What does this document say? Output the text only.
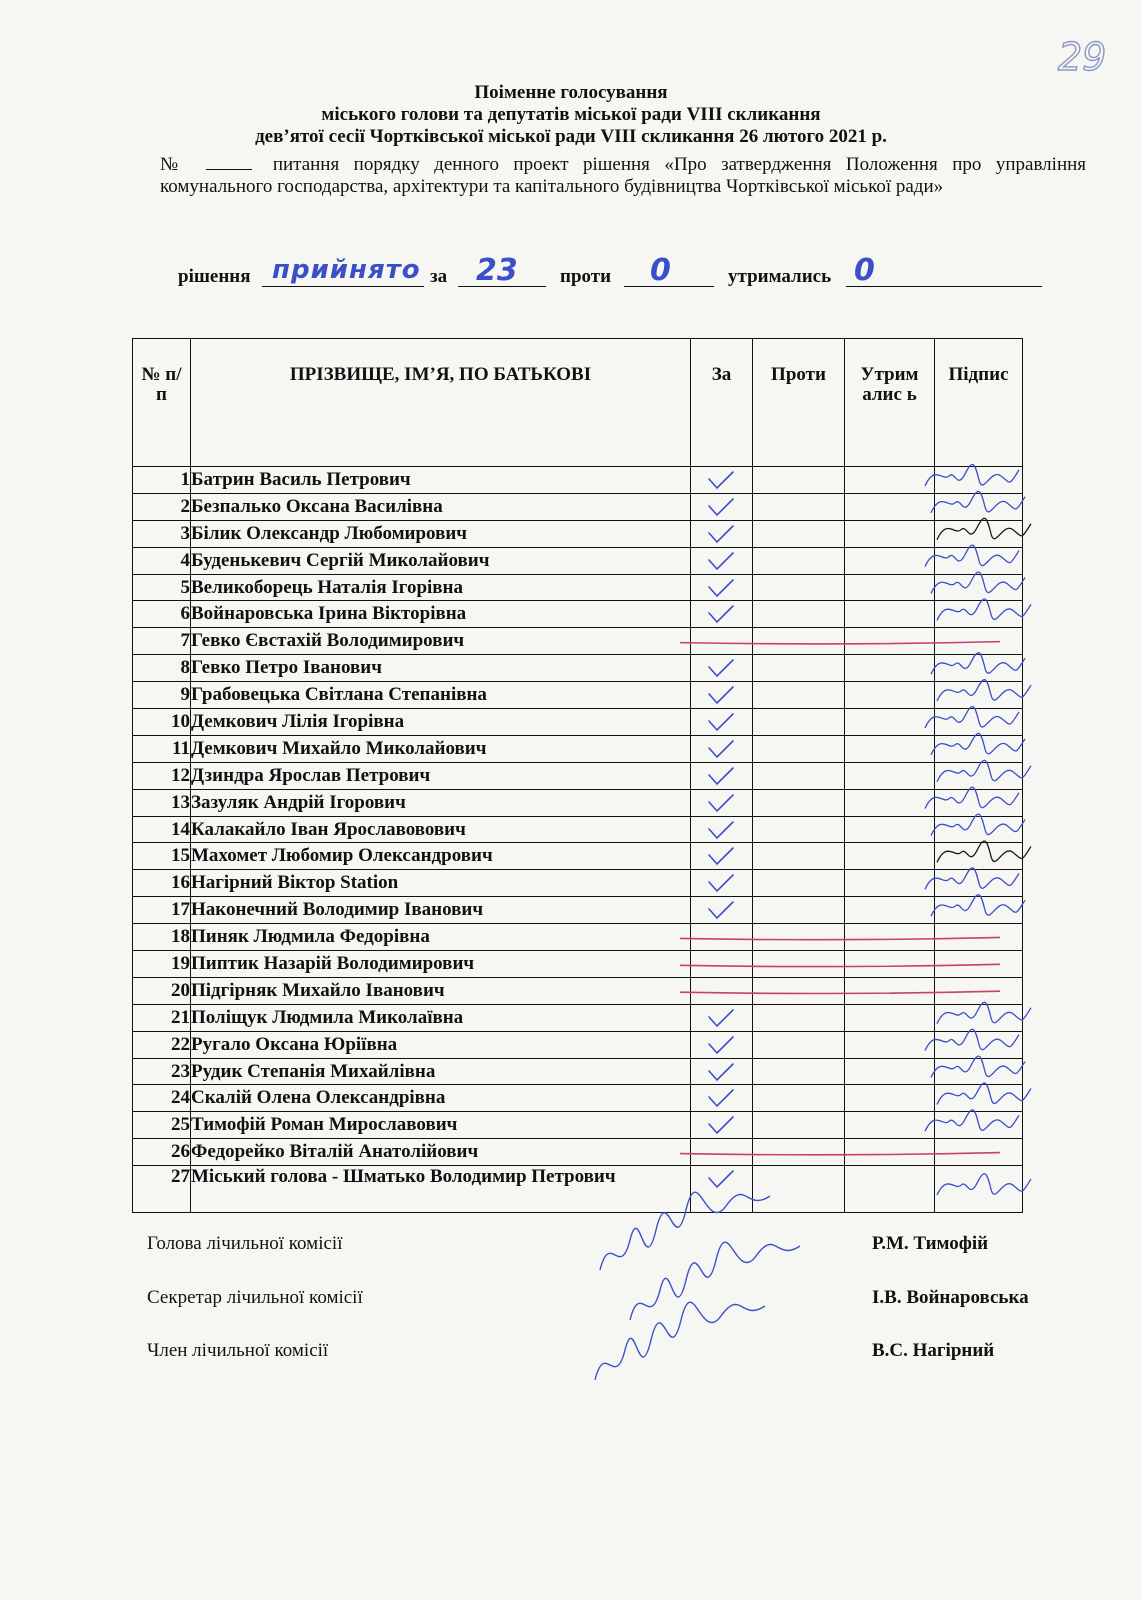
29

Поіменне голосування

міського голови та депутатів міської ради VIII скликання

дев’ятої сесії Чортківської міської ради VIII скликання 26 лютого 2021 р.

№	питання порядку денного проект рішення «Про затвердження Положення про управління комунального господарства, архітектури та капітального будівництва Чортківської міської ради»

рішення прийнято за 23 проти 0	утримались 0
№ п/п	ПРІЗВИЩЕ, ІМ’Я, ПО БАТЬКОВІ	За	Проти	Утрималис ь	Підпис
1	Батрин Василь Петрович	

2	Безпалько Оксана Василівна	

3	Білик Олександр Любомирович	

4	Буденькевич Сергій Миколайович	

5	Великоборець Наталія Ігорівна	

6	Войнаровська Ірина Вікторівна	

7	Гевко Євстахій Володимирович				
8	Гевко Петро Іванович	

9	Грабовецька Світлана Степанівна	

10	Демкович Лілія Ігорівна	

11	Демкович Михайло Миколайович	

12	Дзиндра Ярослав Петрович	

13	Зазуляк Андрій Ігорович	

14	Калакайло Іван Ярославовович	

15	Махомет Любомир Олександрович	

16	Нагірний Віктор Station	

17	Наконечний Володимир Іванович	

18	Пиняк Людмила Федорівна				
19	Пиптик Назарій Володимирович				
20	Підгірняк Михайло Іванович				
21	Поліщук Людмила Миколаївна	

22	Ругало Оксана Юріївна	

23	Рудик Степанія Михайлівна	

24	Скалій Олена Олександрівна	

25	Тимофій Роман Мирославович	

26	Федорейко Віталій Анатолійович				
27	Міський голова - Шматько Володимир Петрович	

Голова лічильної комісії	Р.М. Тимофій
Секретар лічильної комісії	І.В. Войнаровська
Член лічильної комісії	В.С. Нагірний
